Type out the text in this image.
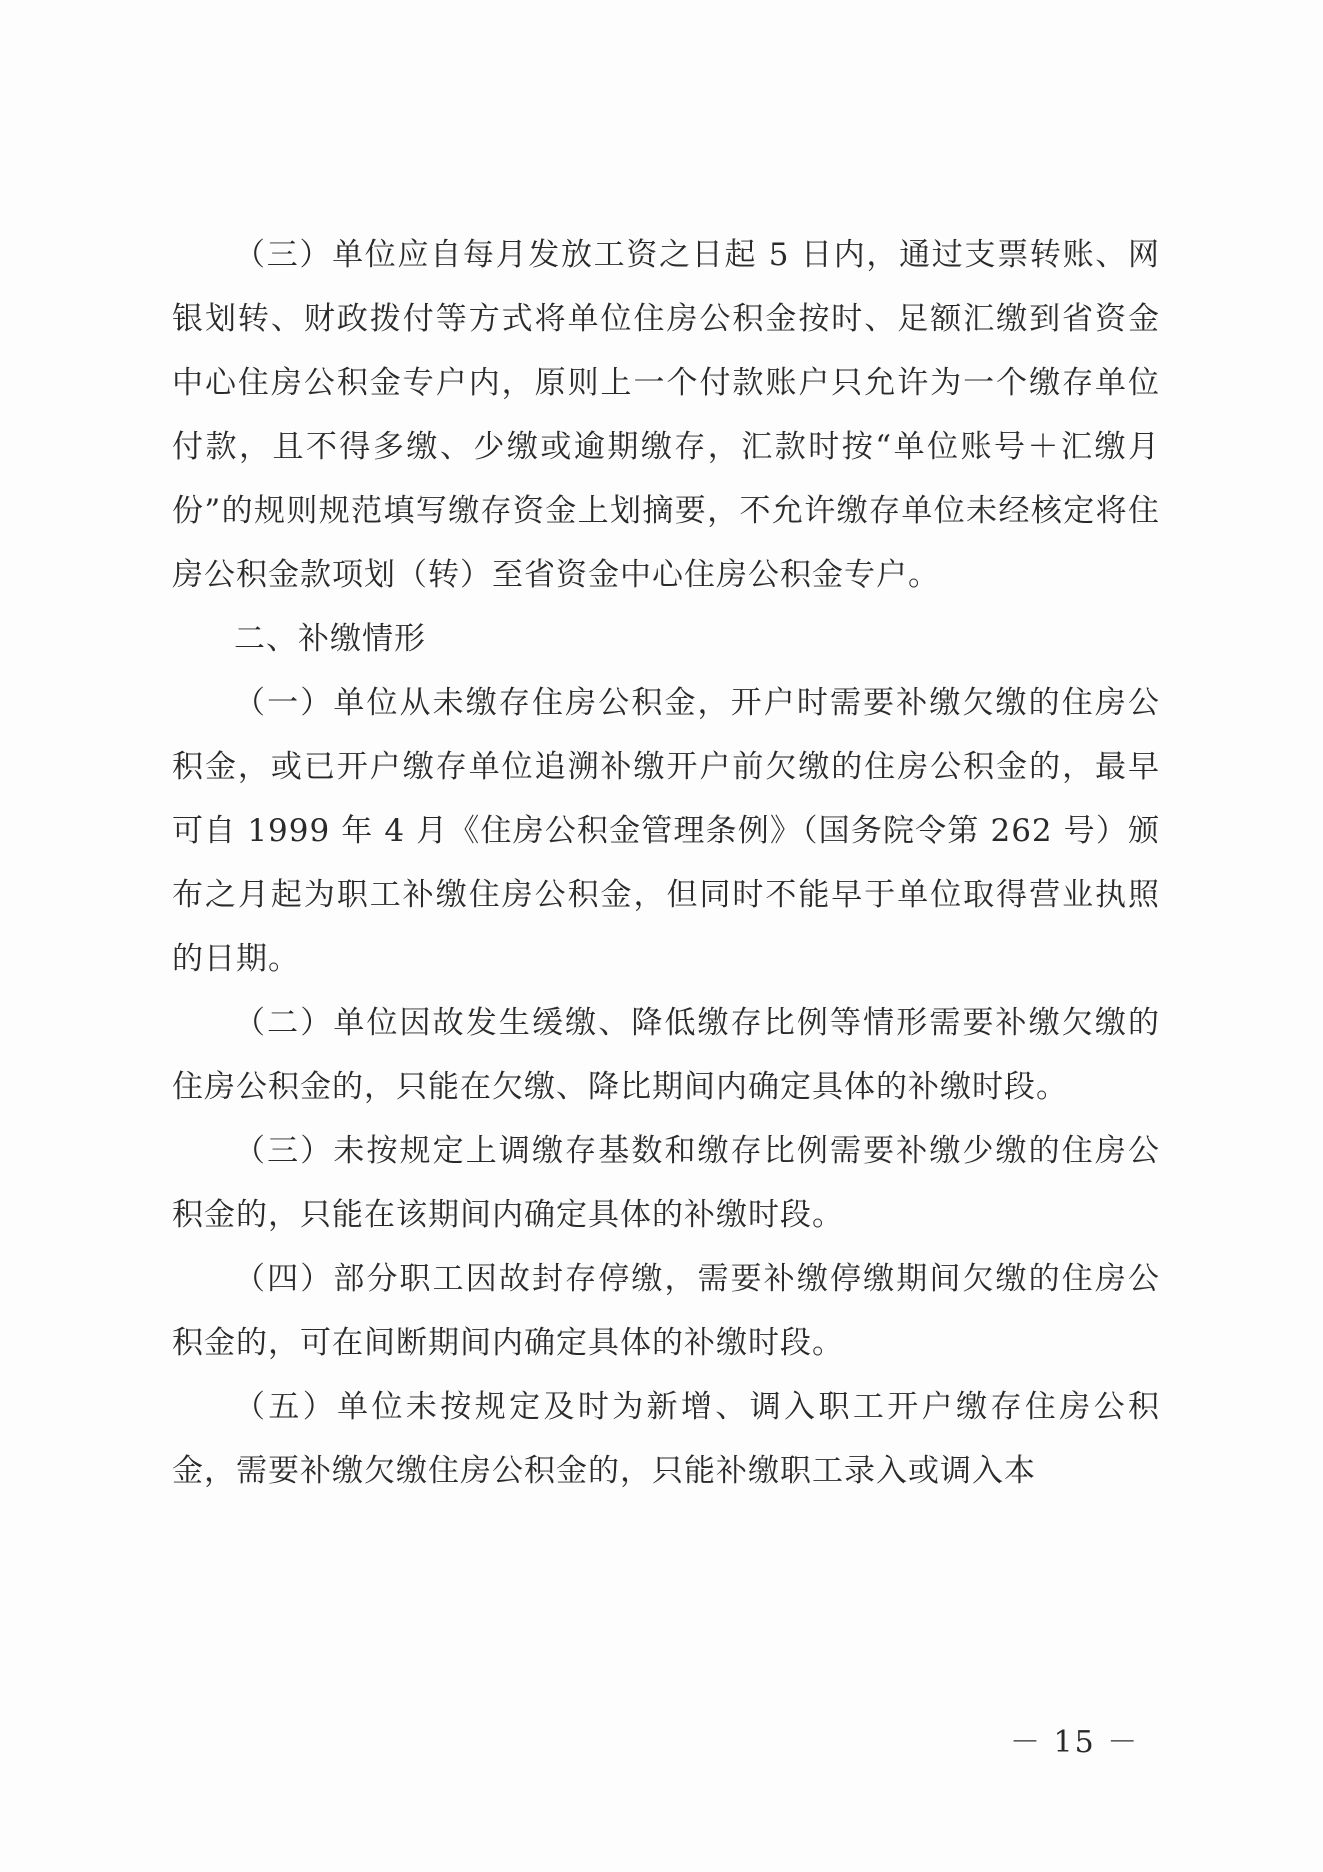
（三）单位应自每月发放工资之日起 5 日内，通过支票转账、网银划转、财政拨付等方式将单位住房公积金按时、足额汇缴到省资金中心住房公积金专户内，原则上一个付款账户只允许为一个缴存单位付款，且不得多缴、少缴或逾期缴存，汇款时按“单位账号＋汇缴月份”的规则规范填写缴存资金上划摘要，不允许缴存单位未经核定将住房公积金款项划（转）至省资金中心住房公积金专户。

二、补缴情形

（一）单位从未缴存住房公积金，开户时需要补缴欠缴的住房公积金，或已开户缴存单位追溯补缴开户前欠缴的住房公积金的，最早可自 1999 年 4 月《住房公积金管理条例》（国务院令第 262 号）颁布之月起为职工补缴住房公积金，但同时不能早于单位取得营业执照的日期。

（二）单位因故发生缓缴、降低缴存比例等情形需要补缴欠缴的住房公积金的，只能在欠缴、降比期间内确定具体的补缴时段。

（三）未按规定上调缴存基数和缴存比例需要补缴少缴的住房公积金的，只能在该期间内确定具体的补缴时段。

（四）部分职工因故封存停缴，需要补缴停缴期间欠缴的住房公积金的，可在间断期间内确定具体的补缴时段。

（五）单位未按规定及时为新增、调入职工开户缴存住房公积金，需要补缴欠缴住房公积金的，只能补缴职工录入或调入本

－ 15 －
